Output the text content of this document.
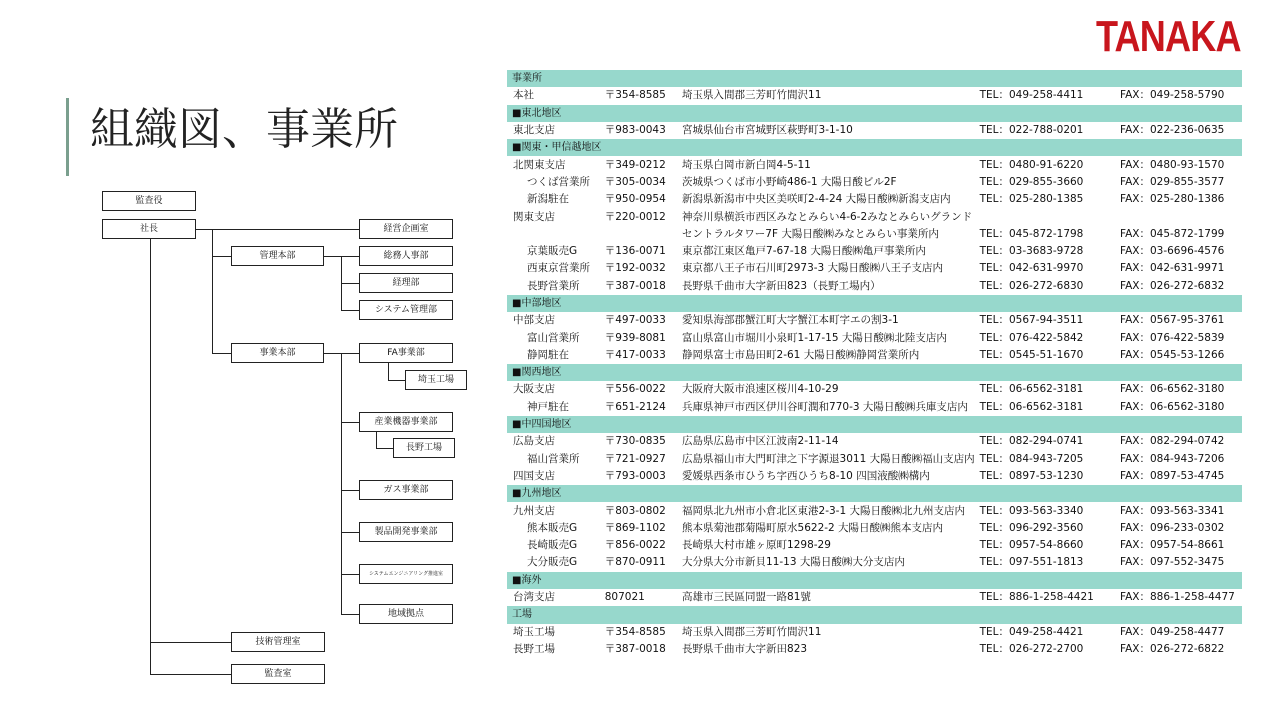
TANAKA
組織図、事業所
監査役
社長	経営企画室
管理本部	総務人事部
経理部
システム管理部
事業本部	FA事業部
埼玉工場
産業機器事業部
長野工場
ガス事業部
製品開発事業部
システムエンジニアリング推進室
地域拠点
技術管理室
監査室
事業所				
本社	〒354-8585	埼玉県入間郡三芳町竹間沢11	TEL：049-258-4411	FAX：049-258-5790
■東北地区				
東北支店	〒983-0043	宮城県仙台市宮城野区萩野町3-1-10	TEL：022-788-0201	FAX：022-236-0635
■関東・甲信越地区				
北関東支店	〒349-0212	埼玉県白岡市新白岡4-5-11	TEL：0480-91-6220	FAX：0480-93-1570
つくば営業所	〒305-0034	茨城県つくば市小野崎486-1 大陽日酸ビル2F	TEL：029-855-3660	FAX：029-855-3577
新潟駐在	〒950-0954	新潟県新潟市中央区美咲町2-4-24 大陽日酸㈱新潟支店内	TEL：025-280-1385	FAX：025-280-1386
関東支店	〒220-0012	神奈川県横浜市西区みなとみらい4-6-2みなとみらいグランド		
		セントラルタワー7F 大陽日酸㈱みなとみらい事業所内	TEL：045-872-1798	FAX：045-872-1799
京葉販売G	〒136-0071	東京都江東区亀戸7-67-18 大陽日酸㈱亀戸事業所内	TEL：03-3683-9728	FAX：03-6696-4576
西東京営業所	〒192-0032	東京都八王子市石川町2973-3 大陽日酸㈱八王子支店内	TEL：042-631-9970	FAX：042-631-9971
長野営業所	〒387-0018	長野県千曲市大字新田823（長野工場内）	TEL：026-272-6830	FAX：026-272-6832
■中部地区				
中部支店	〒497-0033	愛知県海部郡蟹江町大字蟹江本町字エの割3-1	TEL：0567-94-3511	FAX：0567-95-3761
富山営業所	〒939-8081	富山県富山市堀川小泉町1-17-15 大陽日酸㈱北陸支店内	TEL：076-422-5842	FAX：076-422-5839
静岡駐在	〒417-0033	静岡県富士市島田町2-61 大陽日酸㈱静岡営業所内	TEL：0545-51-1670	FAX：0545-53-1266
■関西地区				
大阪支店	〒556-0022	大阪府大阪市浪速区桜川4-10-29	TEL：06-6562-3181	FAX：06-6562-3180
神戸駐在	〒651-2124	兵庫県神戸市西区伊川谷町潤和770-3 大陽日酸㈱兵庫支店内	TEL：06-6562-3181	FAX：06-6562-3180
■中四国地区				
広島支店	〒730-0835	広島県広島市中区江波南2-11-14	TEL：082-294-0741	FAX：082-294-0742
福山営業所	〒721-0927	広島県福山市大門町津之下字源退3011 大陽日酸㈱福山支店内	TEL：084-943-7205	FAX：084-943-7206
四国支店	〒793-0003	愛媛県西条市ひうち字西ひうち8-10 四国液酸㈱構内	TEL：0897-53-1230	FAX：0897-53-4745
■九州地区				
九州支店	〒803-0802	福岡県北九州市小倉北区東港2-3-1 大陽日酸㈱北九州支店内	TEL：093-563-3340	FAX：093-563-3341
熊本販売G	〒869-1102	熊本県菊池郡菊陽町原水5622-2 大陽日酸㈱熊本支店内	TEL：096-292-3560	FAX：096-233-0302
長崎販売G	〒856-0022	長崎県大村市雄ヶ原町1298-29	TEL：0957-54-8660	FAX：0957-54-8661
大分販売G	〒870-0911	大分県大分市新貝11-13 大陽日酸㈱大分支店内	TEL：097-551-1813	FAX：097-552-3475
■海外				
台湾支店	807021	高雄市三民區同盟一路81號	TEL：886-1-258-4421	FAX：886-1-258-4477
工場				
埼玉工場	〒354-8585	埼玉県入間郡三芳町竹間沢11	TEL：049-258-4421	FAX：049-258-4477
長野工場	〒387-0018	長野県千曲市大字新田823	TEL：026-272-2700	FAX：026-272-6822
